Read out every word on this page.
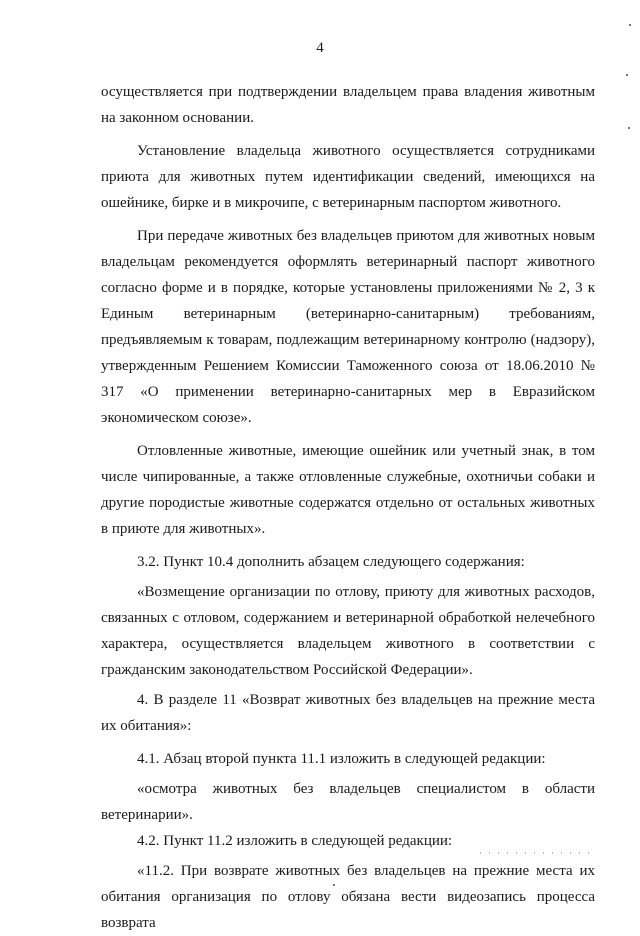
4

осуществляется при подтверждении владельцем права владения животным на законном основании.

Установление владельца животного осуществляется сотрудниками приюта для животных путем идентификации сведений, имеющихся на ошейнике, бирке и в микрочипе, с ветеринарным паспортом животного.

При передаче животных без владельцев приютом для животных новым владельцам рекомендуется оформлять ветеринарный паспорт животного согласно форме и в порядке, которые установлены приложениями № 2, 3 к Единым ветеринарным (ветеринарно-санитарным) требованиям, предъявляемым к товарам, подлежащим ветеринарному контролю (надзору), утвержденным Решением Комиссии Таможенного союза от 18.06.2010 № 317 «О применении ветеринарно-санитарных мер в Евразийском экономическом союзе».

Отловленные животные, имеющие ошейник или учетный знак, в том числе чипированные, а также отловленные служебные, охотничьи собаки и другие породистые животные содержатся отдельно от остальных животных в приюте для животных».

3.2. Пункт 10.4 дополнить абзацем следующего содержания:

«Возмещение организации по отлову, приюту для животных расходов, связанных с отловом, содержанием и ветеринарной обработкой нелечебного характера, осуществляется владельцем животного в соответствии с гражданским законодательством Российской Федерации».

4. В разделе 11 «Возврат животных без владельцев на прежние места их обитания»:

4.1. Абзац второй пункта 11.1 изложить в следующей редакции:

«осмотра животных без владельцев специалистом в области ветеринарии».

4.2. Пункт 11.2 изложить в следующей редакции:

«11.2. При возврате животных без владельцев на прежние места их обитания организация по отлову обязана вести видеозапись процесса возврата
